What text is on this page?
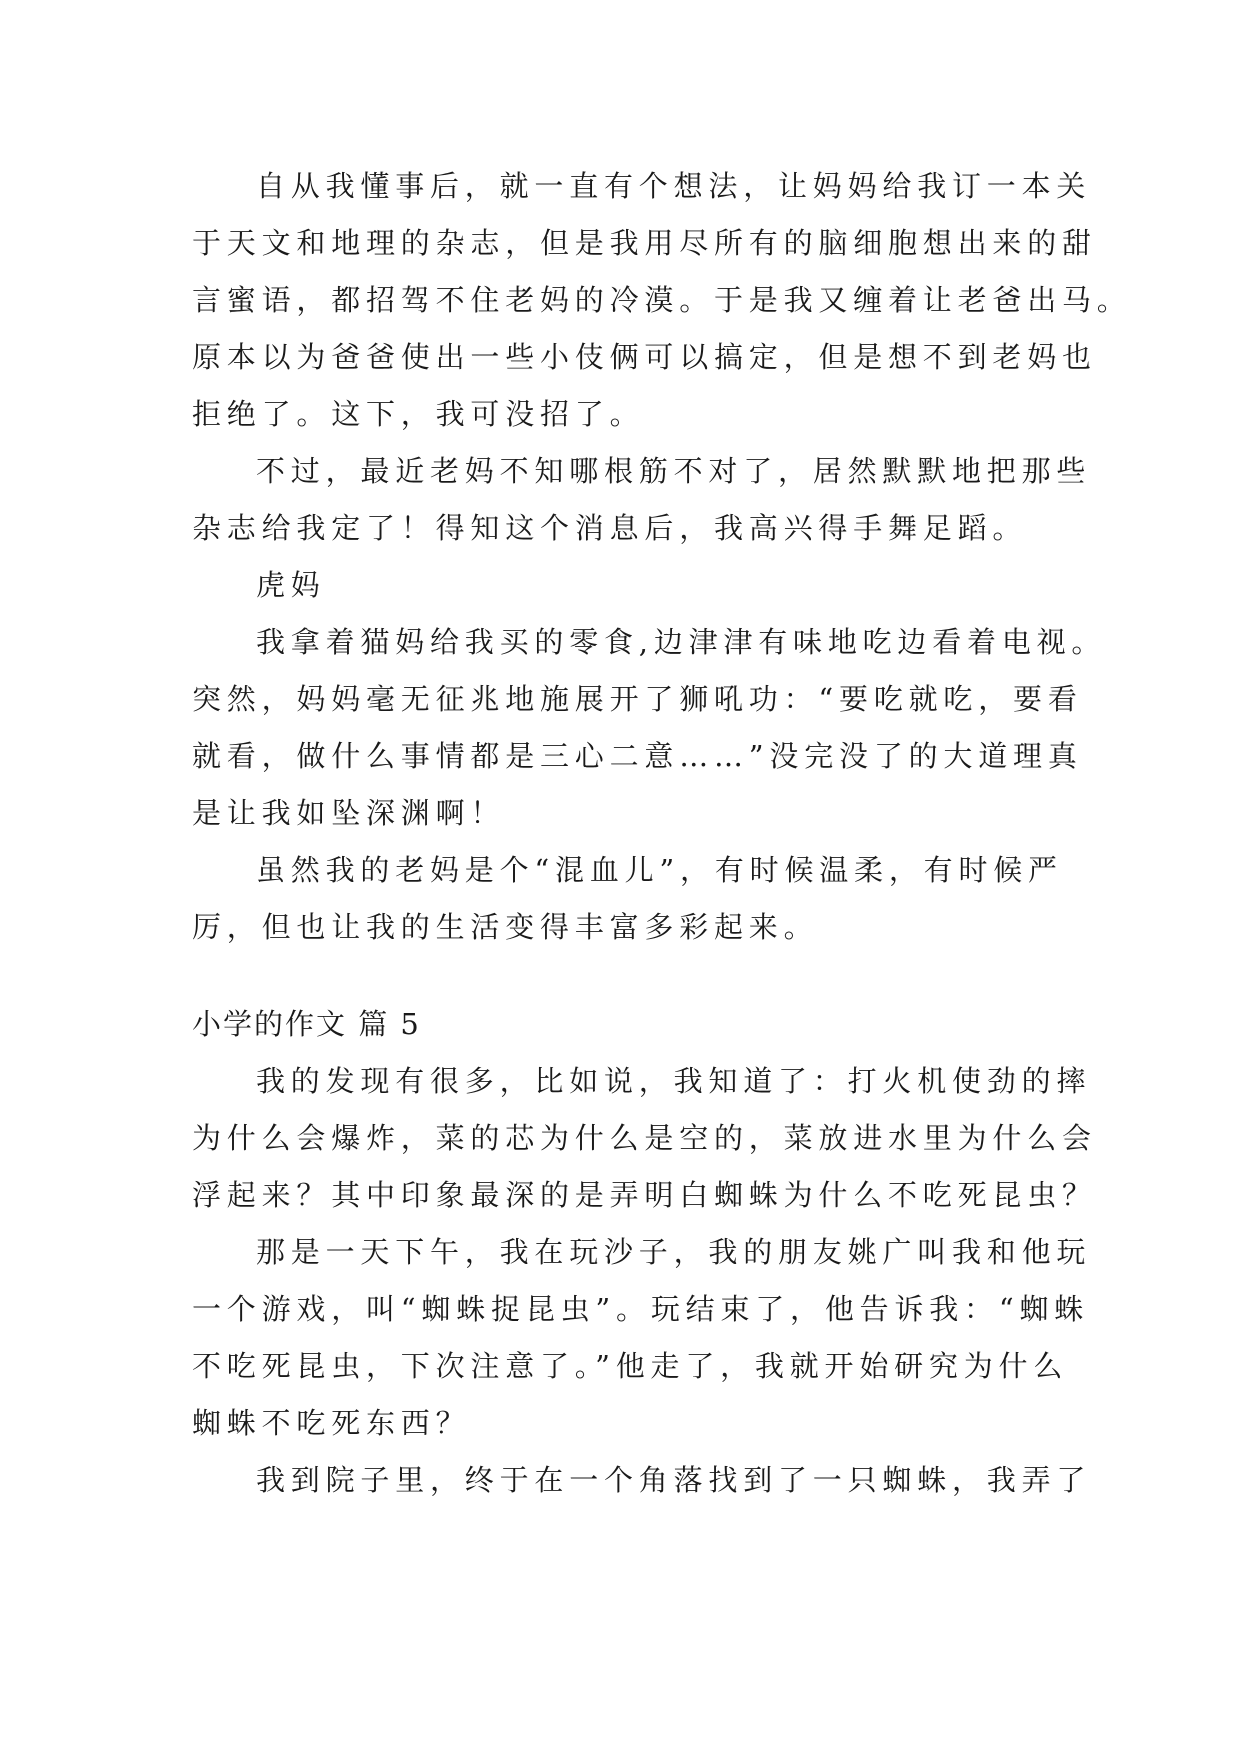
自从我懂事后，就一直有个想法，让妈妈给我订一本关
于天文和地理的杂志，但是我用尽所有的脑细胞想出来的甜
言蜜语，都招驾不住老妈的冷漠。于是我又缠着让老爸出马。
原本以为爸爸使出一些小伎俩可以搞定，但是想不到老妈也
拒绝了。这下，我可没招了。
不过，最近老妈不知哪根筋不对了，居然默默地把那些
杂志给我定了！得知这个消息后，我高兴得手舞足蹈。
虎妈
我拿着猫妈给我买的零食,边津津有味地吃边看着电视。
突然，妈妈毫无征兆地施展开了狮吼功：“要吃就吃，要看
就看，做什么事情都是三心二意……”没完没了的大道理真
是让我如坠深渊啊！
虽然我的老妈是个“混血儿”，有时候温柔，有时候严
厉，但也让我的生活变得丰富多彩起来。
小学的作文 篇 5
我的发现有很多，比如说，我知道了：打火机使劲的摔
为什么会爆炸，菜的芯为什么是空的，菜放进水里为什么会
浮起来？其中印象最深的是弄明白蜘蛛为什么不吃死昆虫？
那是一天下午，我在玩沙子，我的朋友姚广叫我和他玩
一个游戏，叫“蜘蛛捉昆虫”。玩结束了，他告诉我：“蜘蛛
不吃死昆虫，下次注意了。”他走了，我就开始研究为什么
蜘蛛不吃死东西？
我到院子里，终于在一个角落找到了一只蜘蛛，我弄了
